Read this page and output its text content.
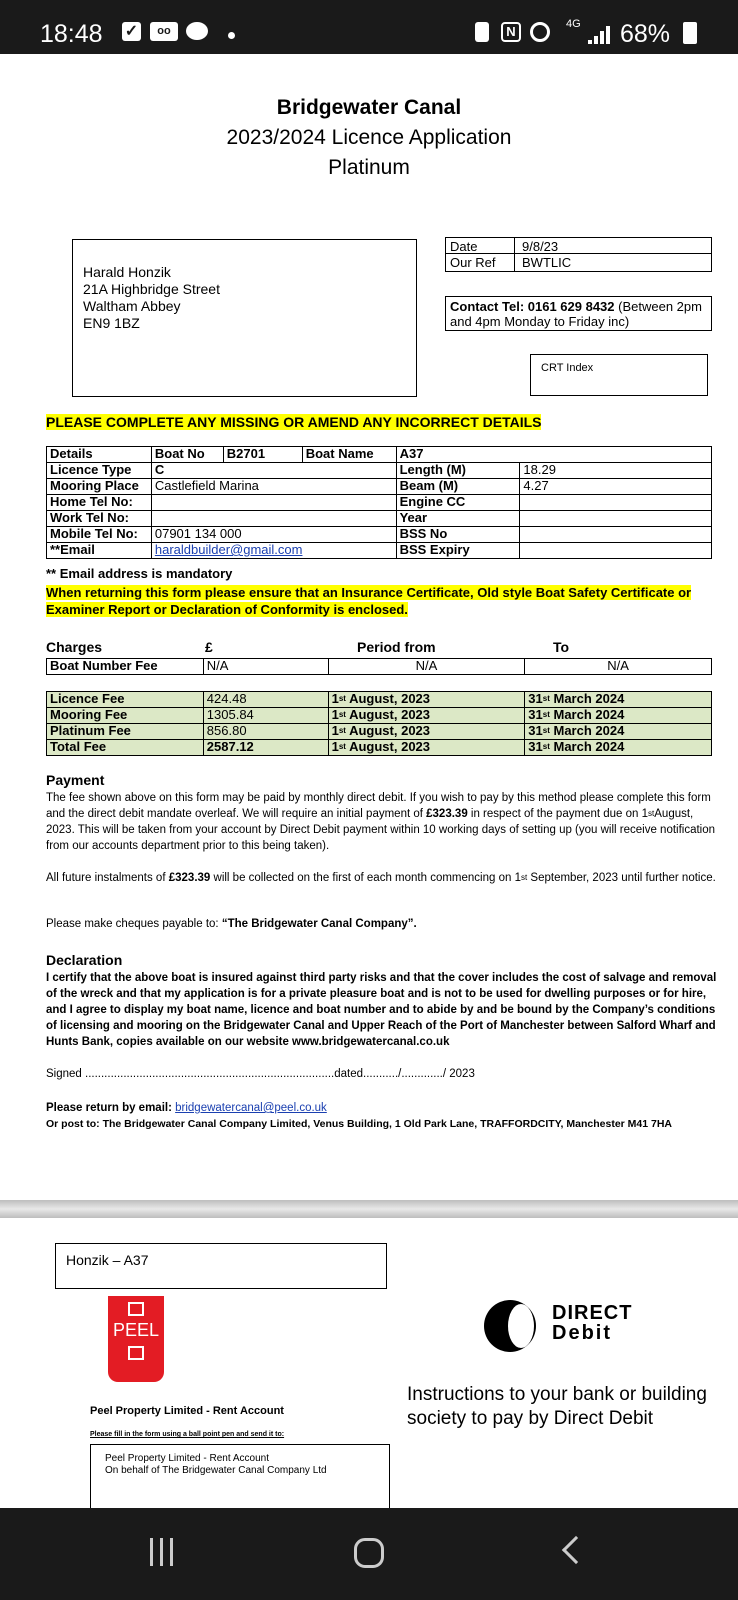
18:48 ✓	oo	N	4G 68%
Bridgewater Canal
2023/2024 Licence Application
Platinum
Harald Honzik
21A Highbridge Street
Waltham Abbey
EN9 1BZ
Date	9/8/23
Our Ref BWTLIC
Contact Tel: 0161 629 8432 (Between 2pm and 4pm Monday to Friday inc)
CRT Index
PLEASE COMPLETE ANY MISSING OR AMEND ANY INCORRECT DETAILS
Details	Boat No	B2701	Boat Name	A37	
Licence Type	C			Length (M)	18.29
Mooring Place	Castlefield Marina			Beam (M)	4.27
Home Tel No:				Engine CC	
Work Tel No:				Year	
Mobile Tel No:	07901 134 000			BSS No	
**Email	haraldbuilder@gmail.com			BSS Expiry	
** Email address is mandatory
When returning this form please ensure that an Insurance Certificate, Old style Boat Safety Certificate or Examiner Report or Declaration of Conformity is enclosed.
Charges	£	Period from	To
Boat Number Fee	N/A	N/A	N/A

Licence Fee	424.48	1st August, 2023	31st March 2024
Mooring Fee	1305.84	1st August, 2023	31st March 2024
Platinum Fee	856.80	1st August, 2023	31st March 2024
Total Fee	2587.12	1st August, 2023	31st March 2024
Payment
The fee shown above on this form may be paid by monthly direct debit. If you wish to pay by this method please complete this form and the direct debit mandate overleaf. We will require an initial payment of £323.39 in respect of the payment due on 1stAugust, 2023. This will be taken from your account by Direct Debit payment within 10 working days of setting up (you will receive notification from our accounts department prior to this being taken).
All future instalments of £323.39 will be collected on the first of each month commencing on 1st September, 2023 until further notice.
Please make cheques payable to: “The Bridgewater Canal Company”.
Declaration
I certify that the above boat is insured against third party risks and that the cover includes the cost of salvage and removal of the wreck and that my application is for a private pleasure boat and is not to be used for dwelling purposes or for hire, and I agree to display my boat name, licence and boat number and to abide by and be bound by the Company’s conditions of licensing and mooring on the Bridgewater Canal and Upper Reach of the Port of Manchester between Salford Wharf and Hunts Bank, copies available on our website www.bridgewatercanal.co.uk
Signed ..............................................................................dated.........../............./ 2023
Please return by email: bridgewatercanal@peel.co.uk
Or post to: The Bridgewater Canal Company Limited, Venus Building, 1 Old Park Lane, TRAFFORDCITY, Manchester M41 7HA
Honzik – A37
PEEL
DIRECT
Debit
Instructions to your bank or building society to pay by Direct Debit
Peel Property Limited - Rent Account
Please fill in the form using a ball point pen and send it to:
Peel Property Limited - Rent Account
On behalf of The Bridgewater Canal Company Ltd
